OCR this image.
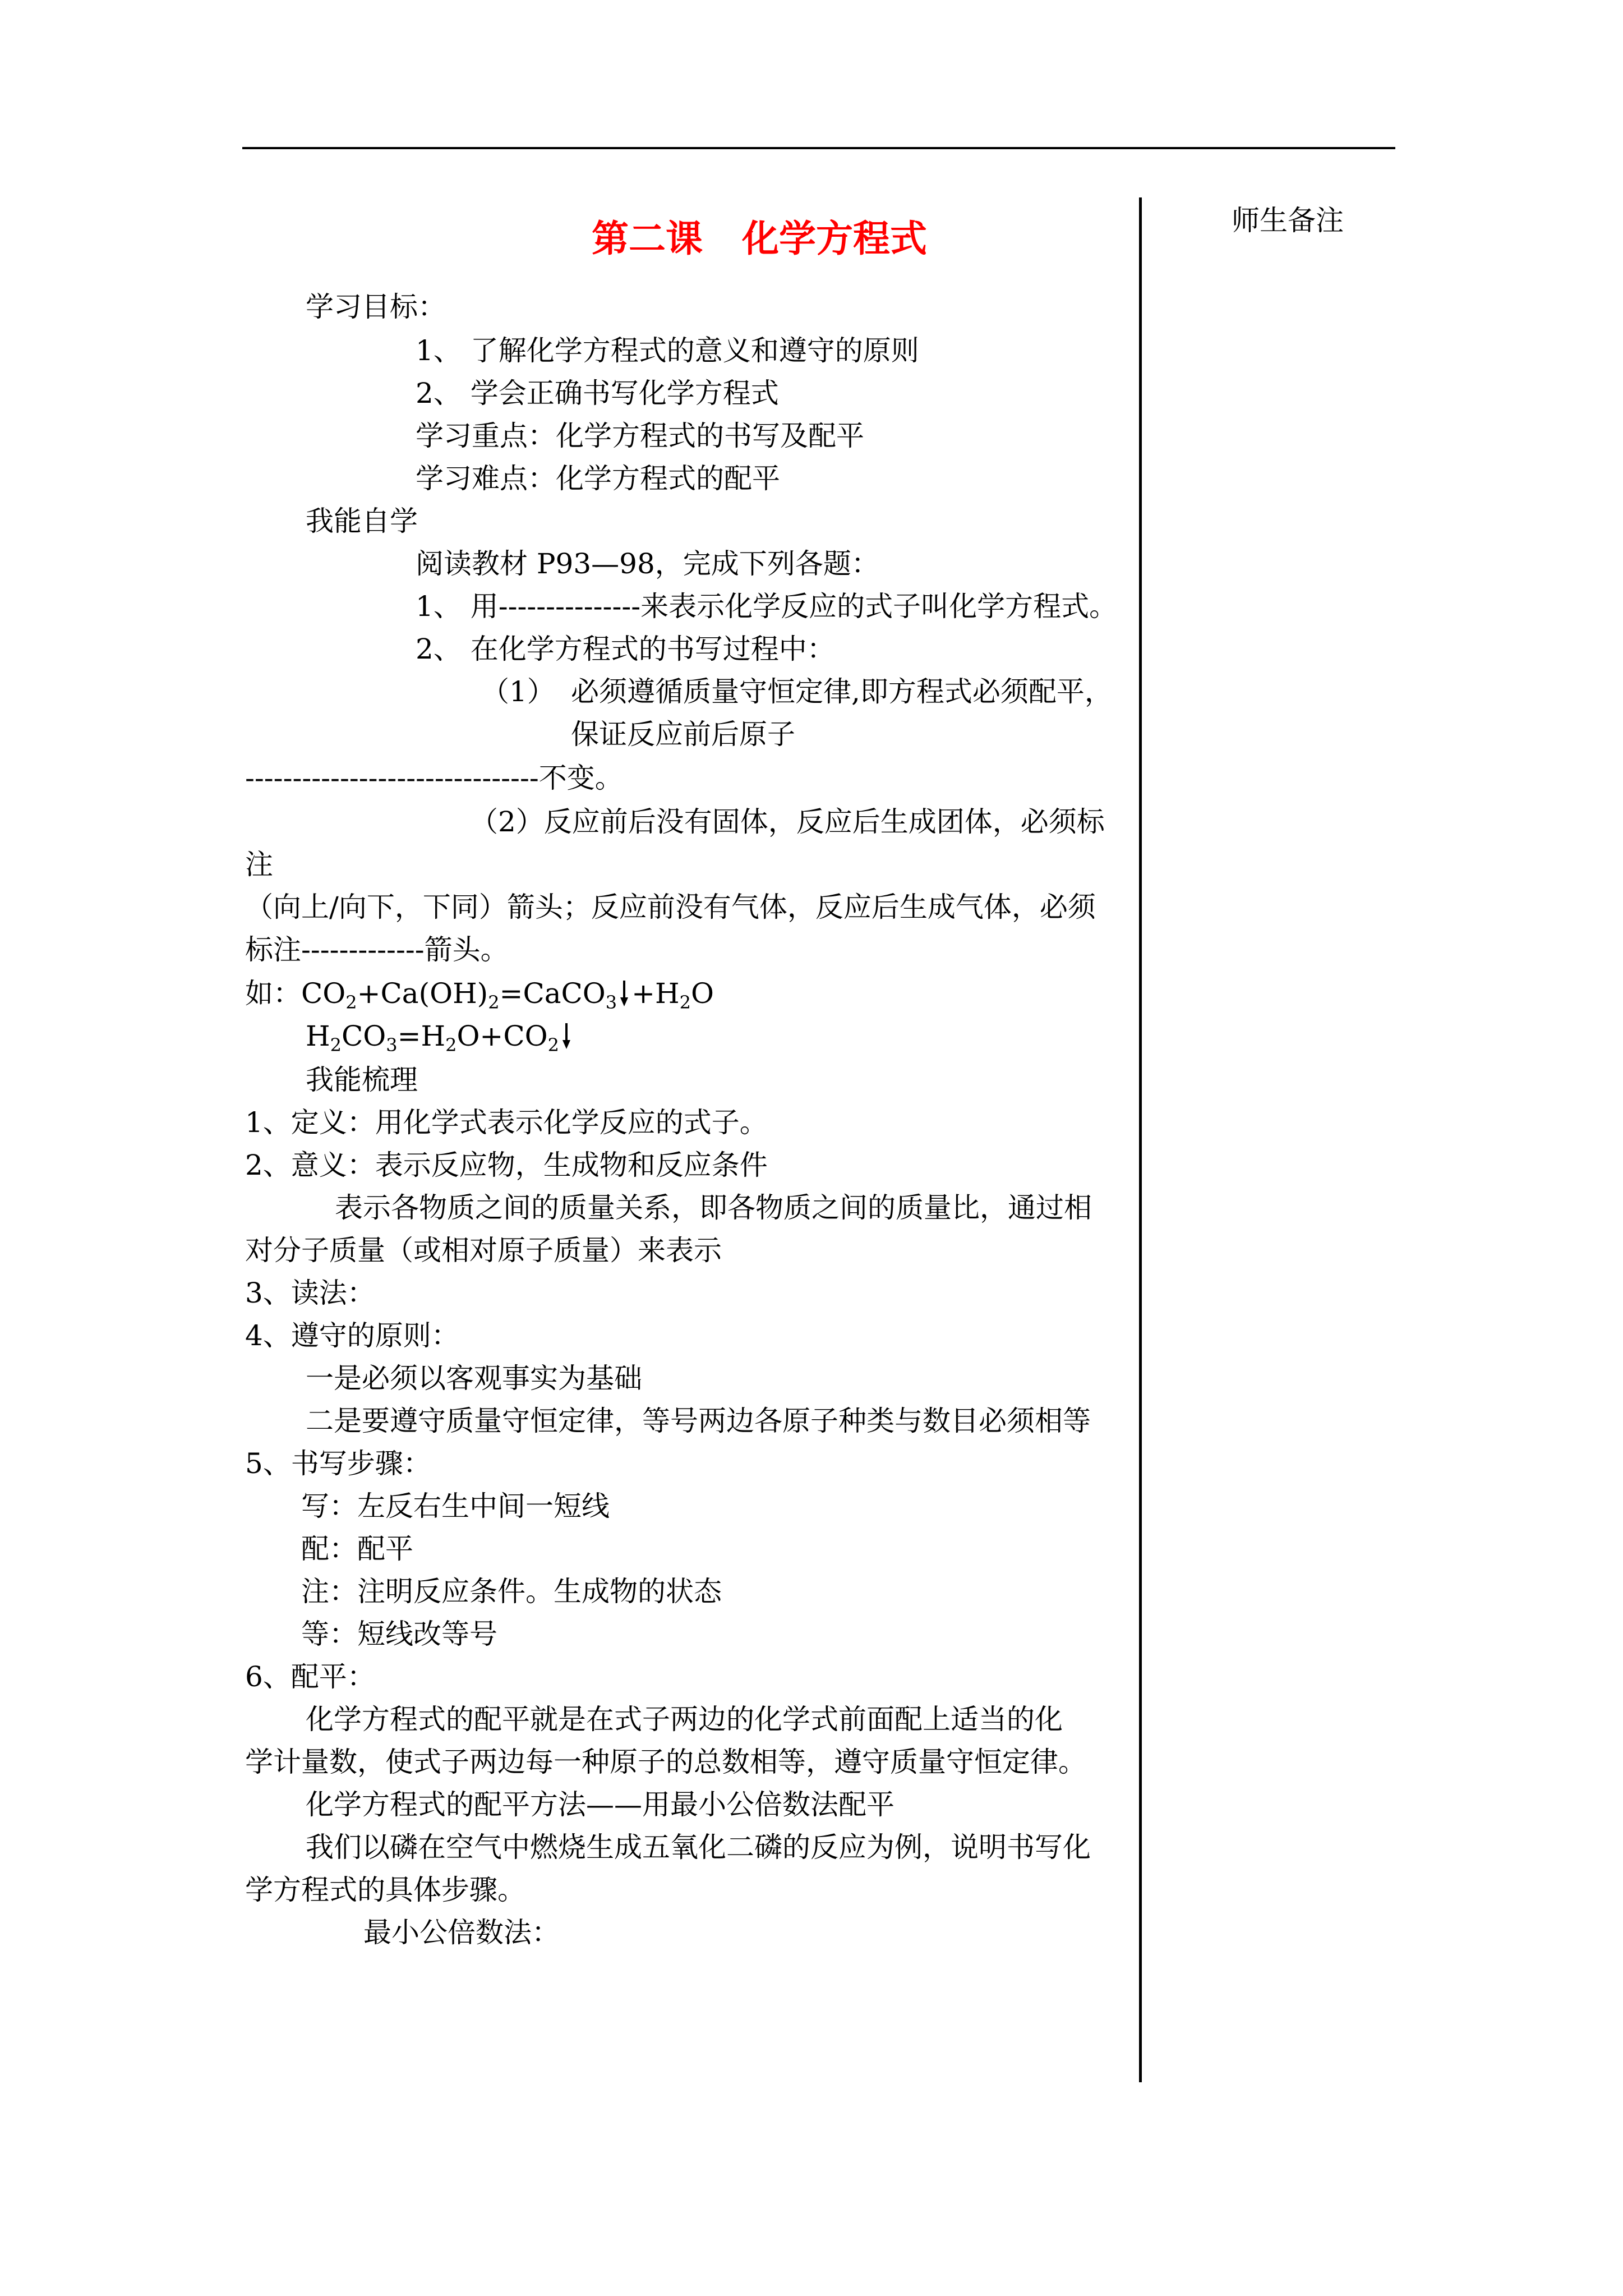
师生备注
第二课 化学方程式
学习目标：
1、 了解化学方程式的意义和遵守的原则
2、 学会正确书写化学方程式
学习重点：化学方程式的书写及配平
学习难点：化学方程式的配平
我能自学
阅读教材 P93—98，完成下列各题：
1、 用---------------来表示化学反应的式子叫化学方程式。
2、 在化学方程式的书写过程中：
（1） 必须遵循质量守恒定律,即方程式必须配平，
保证反应前后原子
-------------------------------不变。
（2）反应前后没有固体，反应后生成团体，必须标
注
（向上/向下，下同）箭头；反应前没有气体，反应后生成气体，必须
标注-------------箭头。
如：$CO_2+Ca(OH)_2=CaCO_3 +H_2O$
$H_2CO_3=H_2O+CO_2$
我能梳理
1、定义：用化学式表示化学反应的式子。
2、意义：表示反应物，生成物和反应条件
表示各物质之间的质量关系，即各物质之间的质量比，通过相
对分子质量（或相对原子质量）来表示
3、读法：
4、遵守的原则：
一是必须以客观事实为基础
二是要遵守质量守恒定律，等号两边各原子种类与数目必须相等
5、书写步骤：
写：左反右生中间一短线
配：配平
注：注明反应条件。生成物的状态
等：短线改等号
6、配平：
化学方程式的配平就是在式子两边的化学式前面配上适当的化
学计量数，使式子两边每一种原子的总数相等，遵守质量守恒定律。
化学方程式的配平方法——用最小公倍数法配平
我们以磷在空气中燃烧生成五氧化二磷的反应为例，说明书写化
学方程式的具体步骤。
最小公倍数法：
